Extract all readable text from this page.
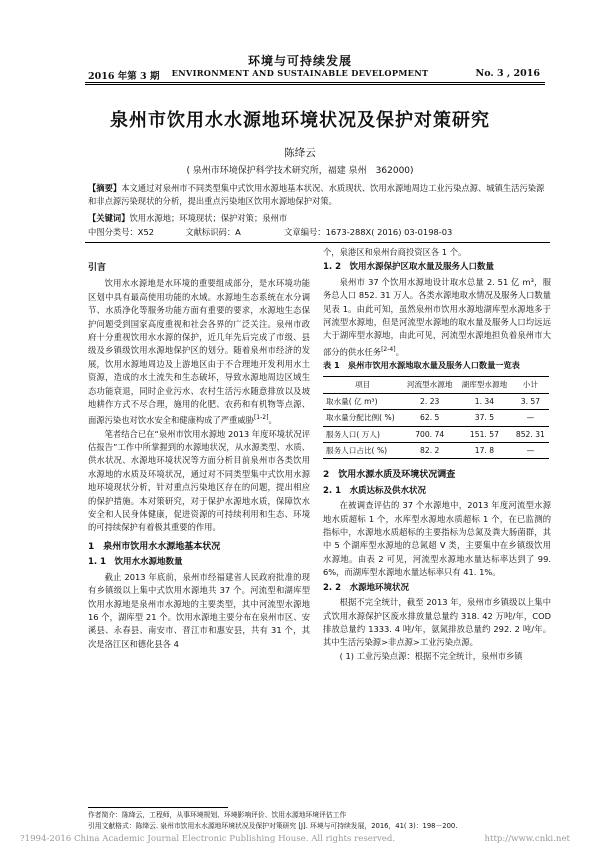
环境与可持续发展
2016 年第 3 期	ENVIRONMENT AND SUSTAINABLE DEVELOPMENT	No. 3 , 2016
泉州市饮用水水源地环境状况及保护对策研究
陈绛云
( 泉州市环境保护科学技术研究所，福建 泉州　362000)
【摘要】本文通过对泉州市不同类型集中式饮用水源地基本状况、水质现状、饮用水源地周边工业污染点源、城镇生活污染源和非点源污染现状的分析，提出重点污染地区饮用水源地保护对策。
【关键词】饮用水源地；环境现状；保护对策；泉州市
中图分类号：X52	文献标识码：A	文章编号：1673-288X( 2016) 03-0198-03
引言

饮用水水源地是水环境的重要组成部分，是水环境功能区划中具有最高使用功能的水域。水源地生态系统在水分调节、水质净化等服务功能方面有重要的要求，水源地生态保护问题受到国家高度重视和社会各界的广泛关注。泉州市政府十分重视饮用水水源的保护，近几年先后完成了市级、县级及乡镇级饮用水源地保护区的划分。随着泉州市经济的发展，饮用水源地周边及上游地区由于不合理地开发利用水土资源，造成的水土流失和生态破坏，导致水源地周边区域生态功能衰退，同时企业污水、农村生活污水随意排放以及坡地耕作方式不尽合理，施用的化肥、农药和有机物等点源、面源污染也对饮水安全和健康构成了严重威胁[1-2]。

笔者结合已在“泉州市饮用水源地 2013 年度环境状况评估报告”工作中所掌握到的水源地状况，从水源类型、水质、供水状况、水源地环境状况等方面分析目前泉州市各类饮用水源地的水质及环境状况，通过对不同类型集中式饮用水源地环境现状分析，针对重点污染地区存在的问题，提出相应的保护措施。本对策研究，对于保护水源地水质，保障饮水安全和人民身体健康，促进资源的可持续利用和生态、环境的可持续保护有着极其重要的作用。

1　泉州市饮用水水源地基本状况
1. 1　饮用水水源地数量

截止 2013 年底前，泉州市经福建省人民政府批准的现有乡镇级以上集中式饮用水源地共 37 个。河流型和湖库型饮用水源地是泉州市水源地的主要类型，其中河流型水源地 16 个，湖库型 21 个。饮用水源地主要分布在泉州市区、安溪县、永春县、南安市、晋江市和惠安县，共有 31 个，其次是洛江区和德化县各 4

个，泉港区和泉州台商投资区各 1 个。

1. 2　饮用水源保护区取水量及服务人口数量

泉州市 37 个饮用水源地设计取水总量 2. 51 亿 m³，服务总人口 852. 31 万人。各类水源地取水情况及服务人口数量见表 1。由此可知，虽然泉州市饮用水源地湖库型水源地多于河流型水源地，但是河流型水源地的取水量及服务人口均远远大于湖库型水源地，由此可见，河流型水源地担负着泉州市大部分的供水任务[2-4]。

表 1　泉州市饮用水源地取水量及服务人口数量一览表

项目	河流型水源地	湖库型水源地	小计
取水量( 亿 m³)	2. 23	1. 34	3. 57
取水量分配比例( %)	62. 5	37. 5	—
服务人口( 万人)	700. 74	151. 57	852. 31
服务人口占比( %)	82. 2	17. 8	—
2　饮用水源水质及环境状况调查
2. 1　水质达标及供水状况

在被调查评估的 37 个水源地中，2013 年度河流型水源地水质超标 1 个，水库型水源地水质超标 1 个，在已监测的指标中，水源地水质超标的主要指标为总氮及粪大肠菌群，其中 5 个湖库型水源地的总氮超 V 类，主要集中在乡镇级饮用水源地。由表 2 可见，河流型水源地水量达标率达到了 99. 6%，而湖库型水源地水量达标率只有 41. 1%。

2. 2　水源地环境状况

根据不完全统计，截至 2013 年，泉州市乡镇级以上集中式饮用水源保护区废水排放量总量约 318. 42 万吨/年，COD 排放总量约 1333. 4 吨/年，氨氮排放总量约 292. 2 吨/年。其中生活污染源>非点源>工业污染点源。

( 1) 工业污染点源：根据不完全统计，泉州市乡镇

作者简介：陈绛云，工程师，从事环境规划、环境影响评价、饮用水源地环境评估工作
引用文献格式：陈绛云. 泉州市饮用水水源地环境状况及保护对策研究 [J]. 环境与可持续发展，2016，41( 3)：198－200.
?1994-2016 China Academic Journal Electronic Publishing House. All rights reserved.	http://www.cnki.net
